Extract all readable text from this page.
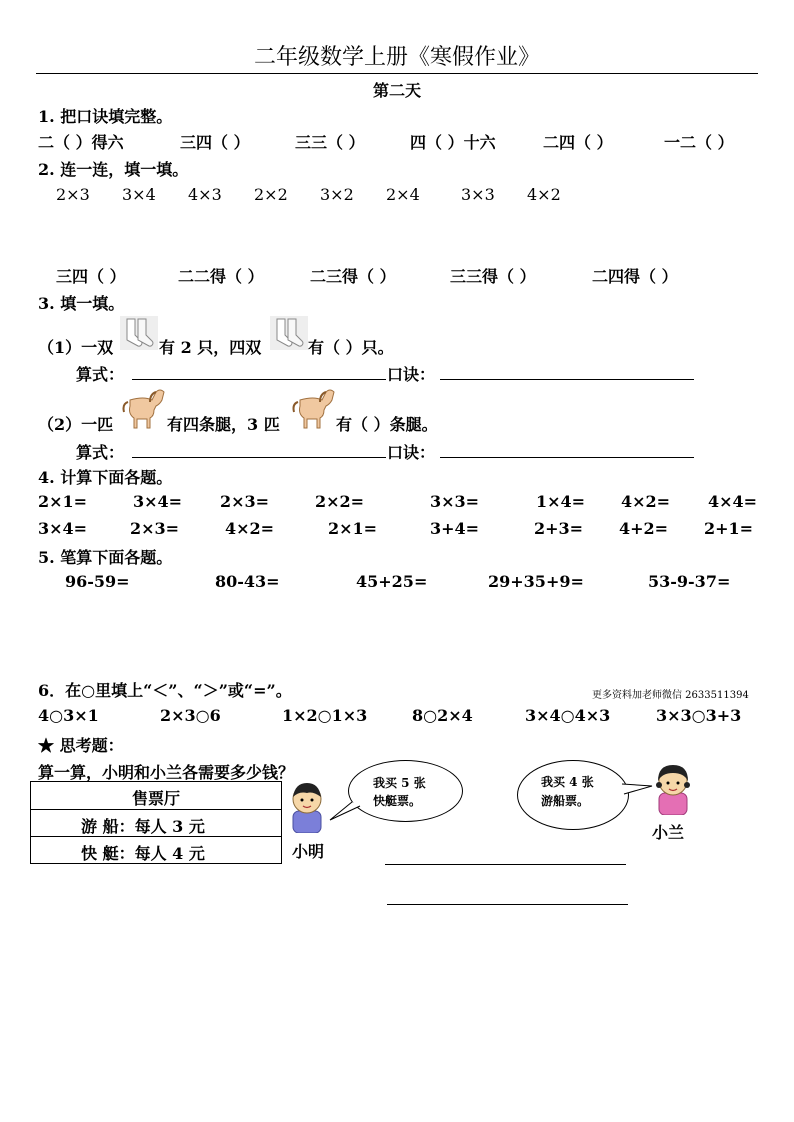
二年级数学上册《寒假作业》
第二天
1. 把口诀填完整。
二（ ）得六	三四（ ）	三三（ ）	四（ ）十六	二四（ ）	一二（ ）
2. 连一连，填一填。
2×3 3×4 4×3 2×2 3×2 2×4	3×3 4×2
三四（ ）	二二得（ ）	二三得（ ）	三三得（ ）	二四得（ ）
3. 填一填。
（1）一双	有 2 只，四双	有（ ）只。
算式：	口诀：
（2）一匹	有四条腿，3 匹	有（ ）条腿。
算式：	口诀：
4. 计算下面各题。
2×1=	3×4= 2×3=	2×2=	3×3=	1×4= 4×2= 4×4=
3×4=	2×3=	4×2=	2×1=	3+4=	2+3= 4+2= 2+1=
5. 笔算下面各题。
96-59=	80-43=	45+25=	29+35+9=	53-9-37=
6．在○里填上“＜”、“＞”或“=”。	更多资料加老师微信 2633511394
4○3×1	2×3○6	1×2○1×3	8○2×4	3×4○4×3	3×3○3+3
★ 思考题：
算一算，小明和小兰各需要多少钱？
售票厅
游 船：每人 3 元
快 艇：每人 4 元	小明
我买 5 张
快艇票。
我买 4 张
游船票。
小兰
